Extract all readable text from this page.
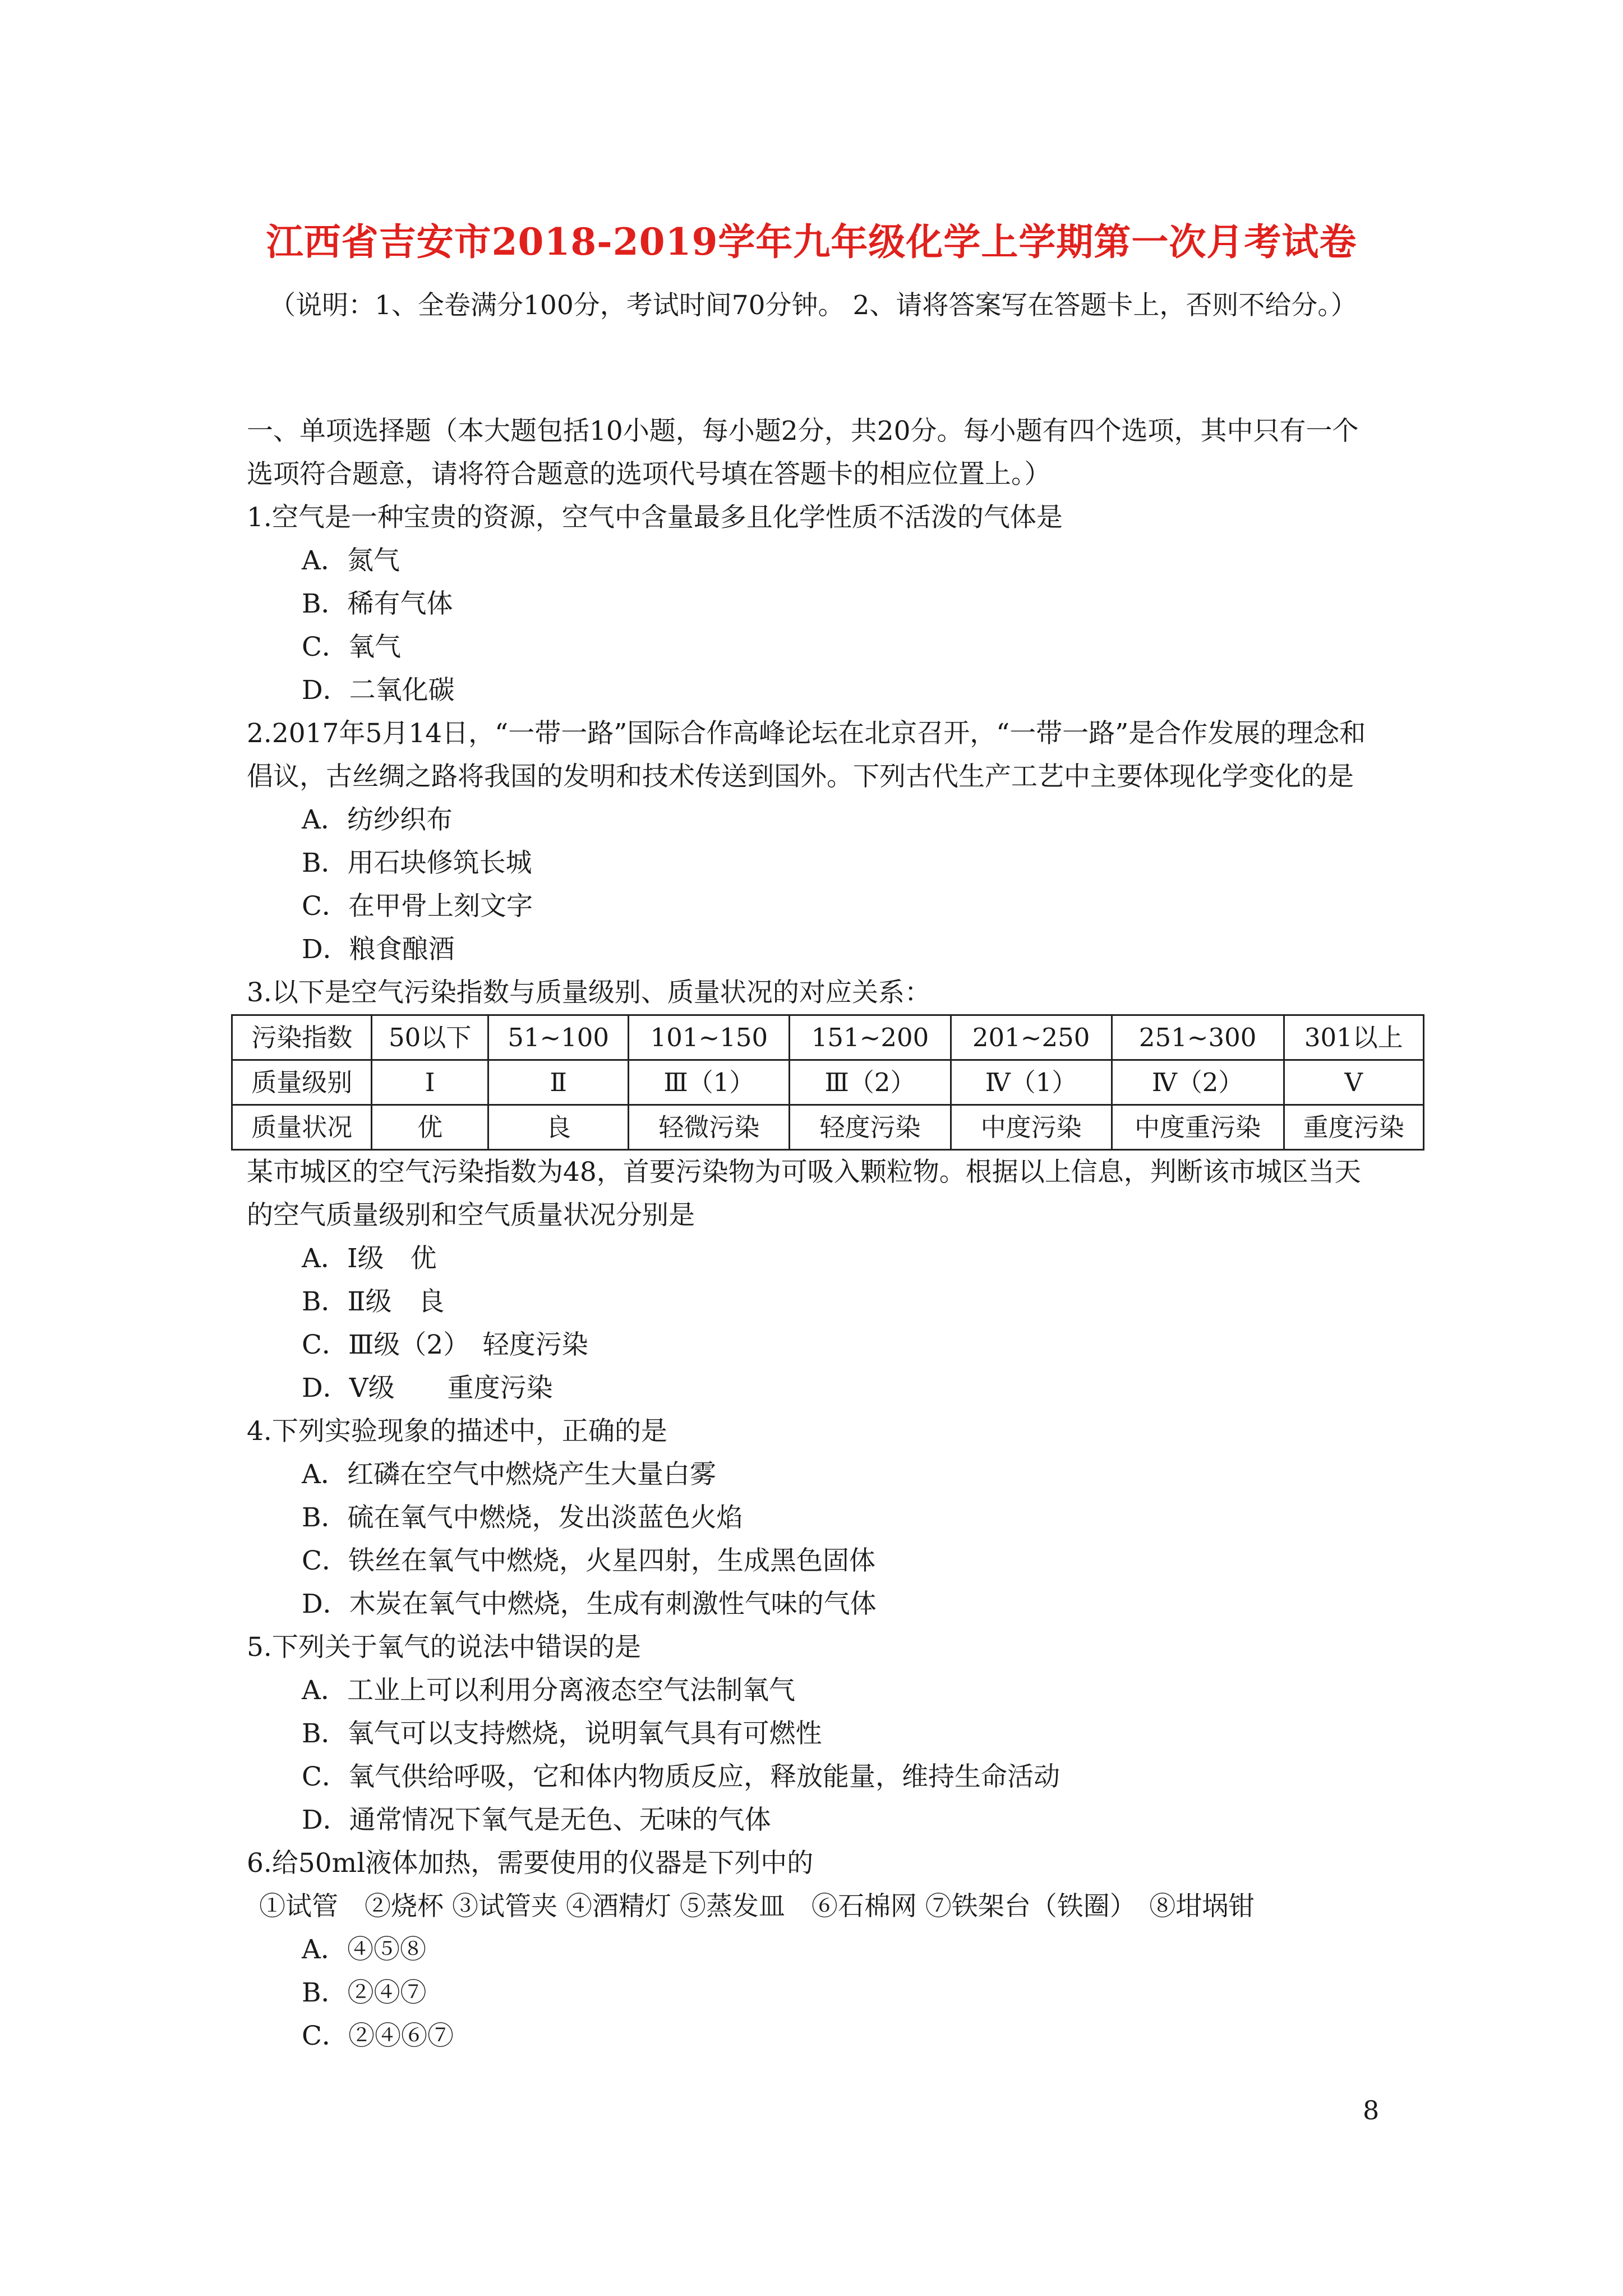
江西省吉安市2018-2019学年九年级化学上学期第一次月考试卷
（说明：1、全卷满分100分，考试时间70分钟。 2、请将答案写在答题卡上，否则不给分。）

一、单项选择题（本大题包括10小题，每小题2分，共20分。每小题有四个选项，其中只有一个选项符合题意，请将符合题意的选项代号填在答题卡的相应位置上。）

1.空气是一种宝贵的资源，空气中含量最多且化学性质不活泼的气体是

A．氮气

B．稀有气体

C．氧气

D．二氧化碳

2.2017年5月14日，“一带一路”国际合作高峰论坛在北京召开，“一带一路”是合作发展的理念和倡议，古丝绸之路将我国的发明和技术传送到国外。下列古代生产工艺中主要体现化学变化的是

A．纺纱织布

B．用石块修筑长城

C．在甲骨上刻文字

D．粮食酿酒

3.以下是空气污染指数与质量级别、质量状况的对应关系：

污染指数	50以下	51~100	101~150	151~200	201~250	251~300	301以上
质量级别	Ⅰ	Ⅱ	Ⅲ（1）	Ⅲ（2）	Ⅳ（1）	Ⅳ（2）	Ⅴ
质量状况	优	良	轻微污染	轻度污染	中度污染	中度重污染	重度污染

某市城区的空气污染指数为48，首要污染物为可吸入颗粒物。根据以上信息，判断该市城区当天的空气质量级别和空气质量状况分别是

A．Ⅰ级　优

B．Ⅱ级　良

C．Ⅲ级（2）　轻度污染

D．Ⅴ级　　重度污染

4.下列实验现象的描述中，正确的是

A．红磷在空气中燃烧产生大量白雾

B．硫在氧气中燃烧，发出淡蓝色火焰

C．铁丝在氧气中燃烧，火星四射，生成黑色固体

D．木炭在氧气中燃烧，生成有刺激性气味的气体

5.下列关于氧气的说法中错误的是

A．工业上可以利用分离液态空气法制氧气

B．氧气可以支持燃烧，说明氧气具有可燃性

C．氧气供给呼吸，它和体内物质反应，释放能量，维持生命活动

D．通常情况下氧气是无色、无味的气体

6.给50ml液体加热，需要使用的仪器是下列中的

①试管　②烧杯 ③试管夹 ④酒精灯 ⑤蒸发皿　⑥石棉网 ⑦铁架台（铁圈）　⑧坩埚钳

A．④⑤⑧

B．②④⑦

C．②④⑥⑦

8
